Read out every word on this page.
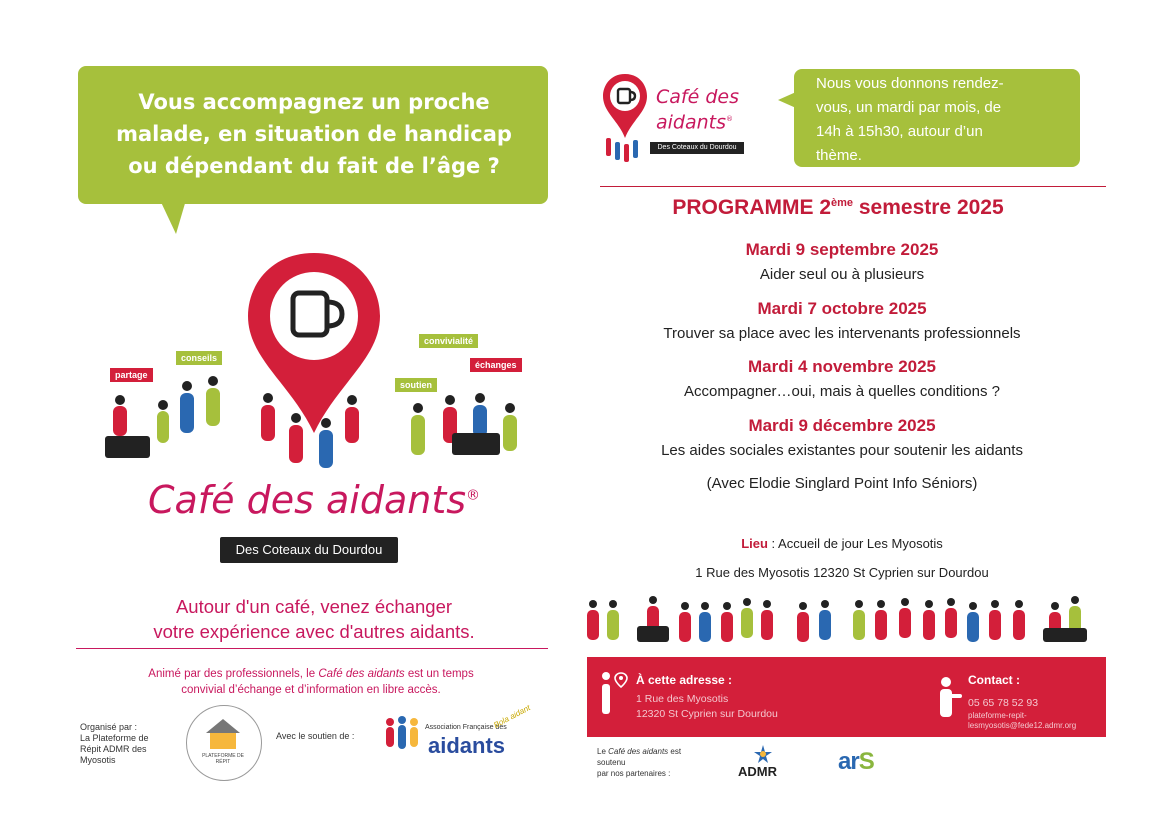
Vous accompagnez un proche
malade, en situation de handicap
ou dépendant du fait de l’âge ?
partage
conseils
convivialité
échanges
soutien
Café des aidants®
Des Coteaux du Dourdou
Autour d'un café, venez échanger
votre expérience avec d'autres aidants.
Animé par des professionnels, le Café des aidants est un temps
convivial d’échange et d’information en libre accès.
Organisé par :
La Plateforme de
Répit ADMR des
Myosotis	PLATEFORME DE RÉPIT
Avec le soutien de :
Association Française des
aidants
Bola aidant
Café des
aidants®
Des Coteaux du Dourdou
Nous vous donnons rendez-
vous, un mardi par mois, de
14h à 15h30, autour d’un
thème.
PROGRAMME 2ème semestre 2025
Mardi 9 septembre 2025
Aider seul ou à plusieurs
Mardi 7 octobre 2025
Trouver sa place avec les intervenants professionnels
Mardi 4 novembre 2025
Accompagner…oui, mais à quelles conditions ?
Mardi 9 décembre 2025
Les aides sociales existantes pour soutenir les aidants
(Avec Elodie Singlard Point Info Séniors)
Lieu : Accueil de jour Les Myosotis
1 Rue des Myosotis 12320 St Cyprien sur Dourdou
À cette adresse :
1 Rue des Myosotis
12320 St Cyprien sur Dourdou
Contact :
05 65 78 52 93
plateforme-repit-
lesmyosotis@fede12.admr.org
Le Café des aidants est soutenu
par nos partenaires :	ADMR	arS
